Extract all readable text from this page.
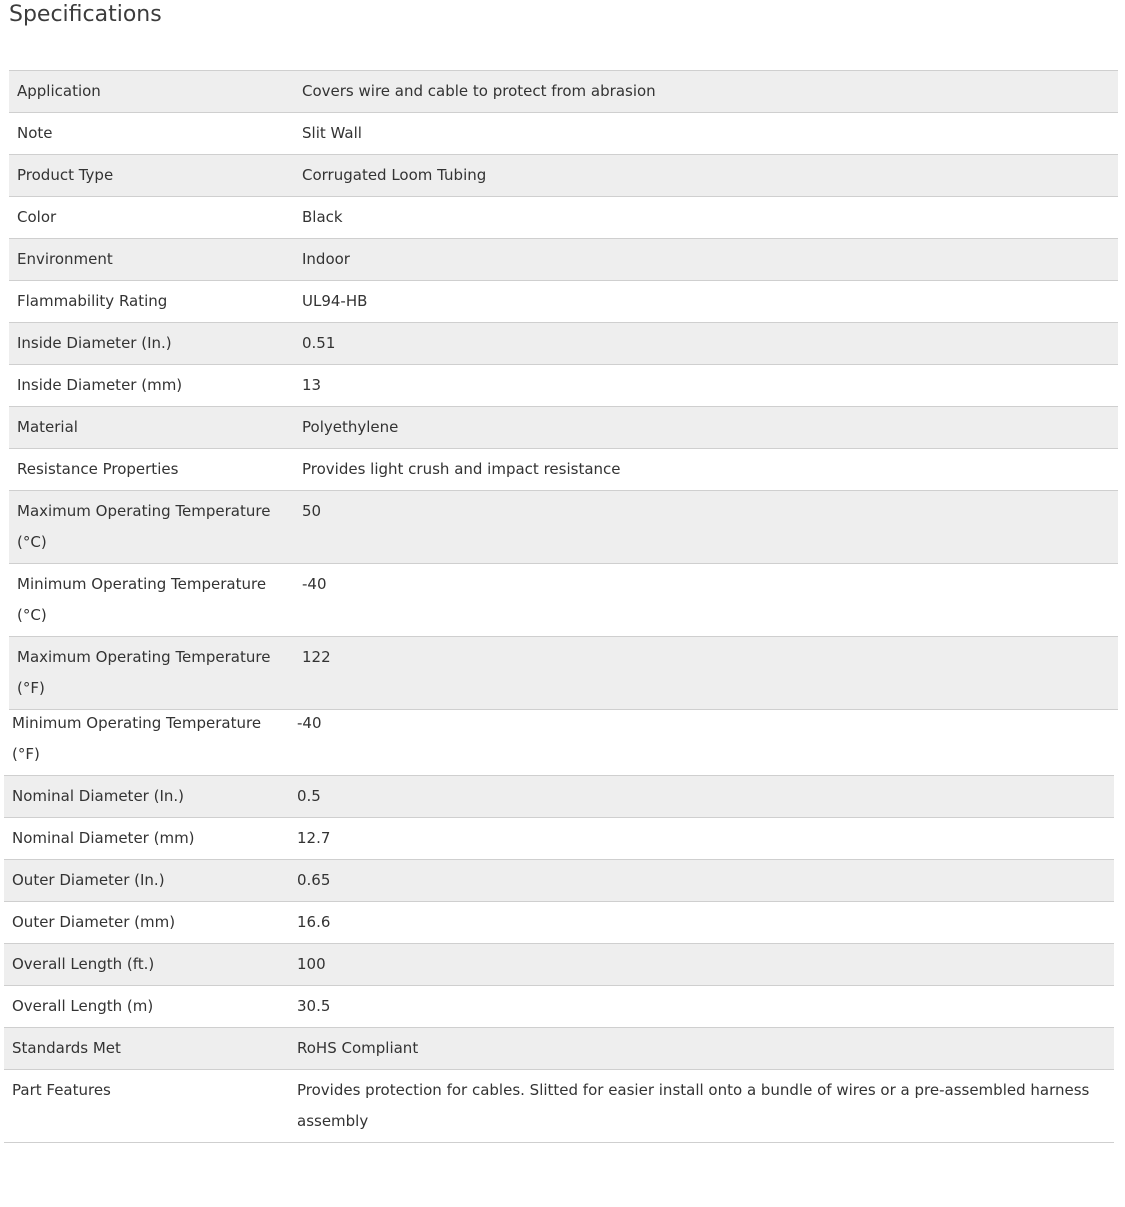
Specifications
Application	Covers wire and cable to protect from abrasion
Note	Slit Wall
Product Type	Corrugated Loom Tubing
Color	Black
Environment	Indoor
Flammability Rating	UL94-HB
Inside Diameter (In.)	0.51
Inside Diameter (mm)	13
Material	Polyethylene
Resistance Properties	Provides light crush and impact resistance
Maximum Operating Temperature (°C)	50
Minimum Operating Temperature (°C)	-40
Maximum Operating Temperature (°F)	122
Minimum Operating Temperature (°F)	-40
Nominal Diameter (In.)	0.5
Nominal Diameter (mm)	12.7
Outer Diameter (In.)	0.65
Outer Diameter (mm)	16.6
Overall Length (ft.)	100
Overall Length (m)	30.5
Standards Met	RoHS Compliant
Part Features	Provides protection for cables. Slitted for easier install onto a bundle of wires or a pre-assembled harness assembly
